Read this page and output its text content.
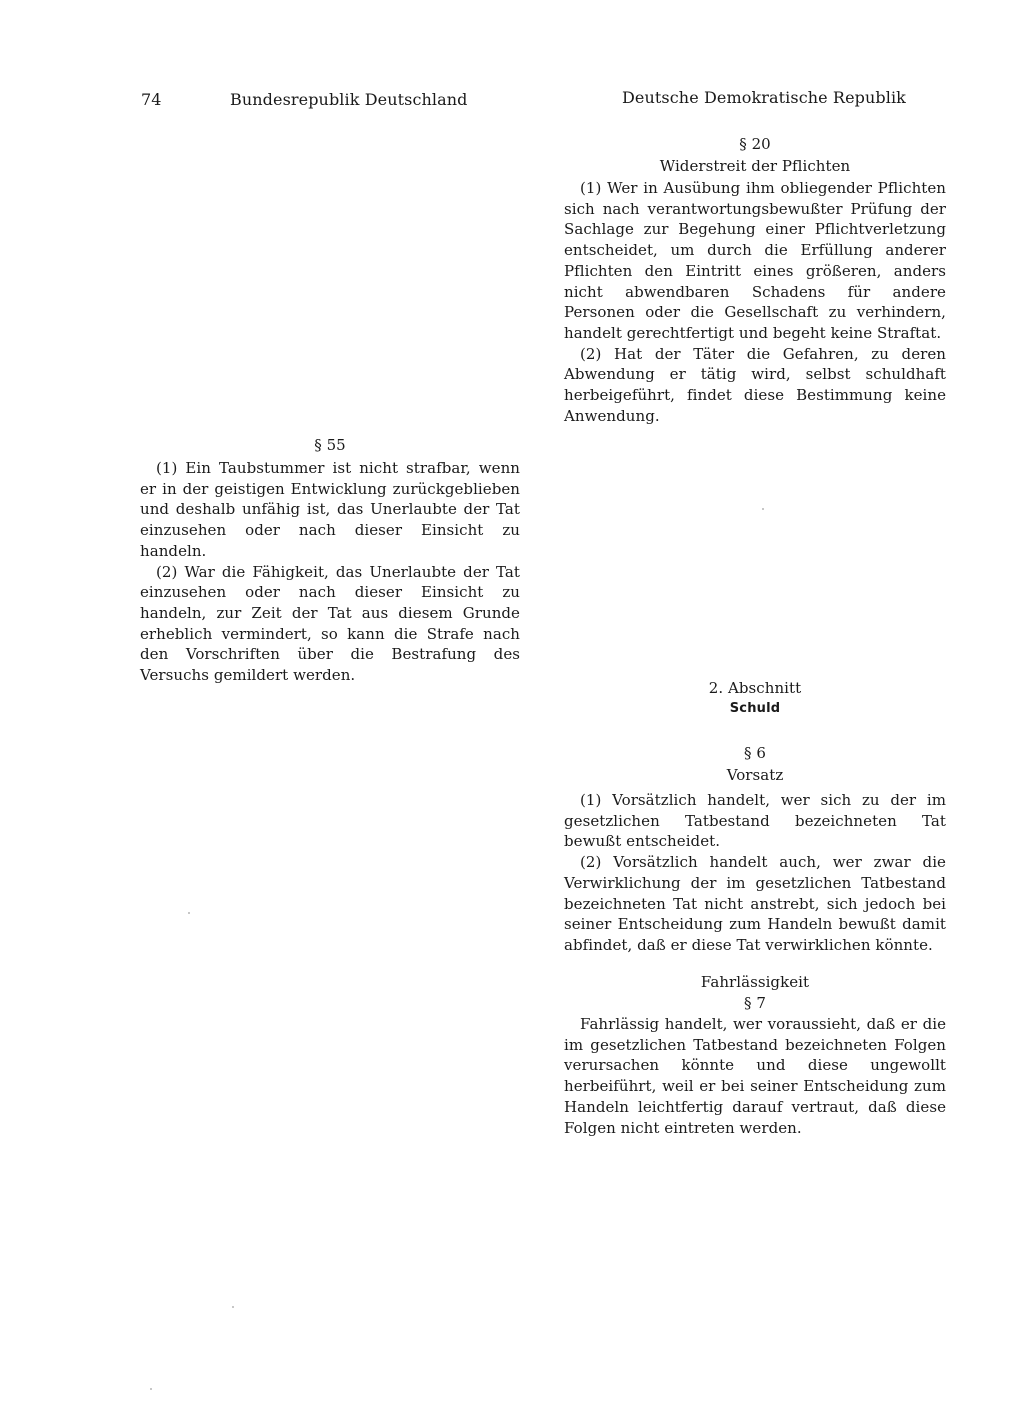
74	Bundesrepublik Deutschland	Deutsche Demokratische Republik
§ 20
Widerstreit der Pflichten

(1) Wer in Ausübung ihm obliegender Pflichten sich nach verantwortungsbewußter Prüfung der Sachlage zur Begehung einer Pflichtverletzung entscheidet, um durch die Erfüllung anderer Pflichten den Eintritt eines größeren, anders nicht abwendbaren Schadens für andere Personen oder die Gesellschaft zu verhindern, handelt gerechtfertigt und begeht keine Straftat.

(2) Hat der Täter die Gefahren, zu deren Abwendung er tätig wird, selbst schuldhaft herbeigeführt, findet diese Bestimmung keine Anwendung.

§ 55

(1) Ein Taubstummer ist nicht strafbar, wenn er in der geistigen Entwicklung zurückgeblieben und deshalb unfähig ist, das Unerlaubte der Tat einzusehen oder nach dieser Einsicht zu handeln.

(2) War die Fähigkeit, das Unerlaubte der Tat einzusehen oder nach dieser Einsicht zu handeln, zur Zeit der Tat aus diesem Grunde erheblich vermindert, so kann die Strafe nach den Vorschriften über die Bestrafung des Versuchs gemildert werden.

2. Abschnitt
Schuld
§ 6
Vorsatz

(1) Vorsätzlich handelt, wer sich zu der im gesetzlichen Tatbestand bezeichneten Tat bewußt entscheidet.

(2) Vorsätzlich handelt auch, wer zwar die Verwirklichung der im gesetzlichen Tatbestand bezeichneten Tat nicht anstrebt, sich jedoch bei seiner Entscheidung zum Handeln bewußt damit abfindet, daß er diese Tat verwirklichen könnte.

Fahrlässigkeit
§ 7

Fahrlässig handelt, wer voraussieht, daß er die im gesetzlichen Tatbestand bezeichneten Folgen verursachen könnte und diese ungewollt herbeiführt, weil er bei seiner Entscheidung zum Handeln leichtfertig darauf vertraut, daß diese Folgen nicht eintreten werden.
